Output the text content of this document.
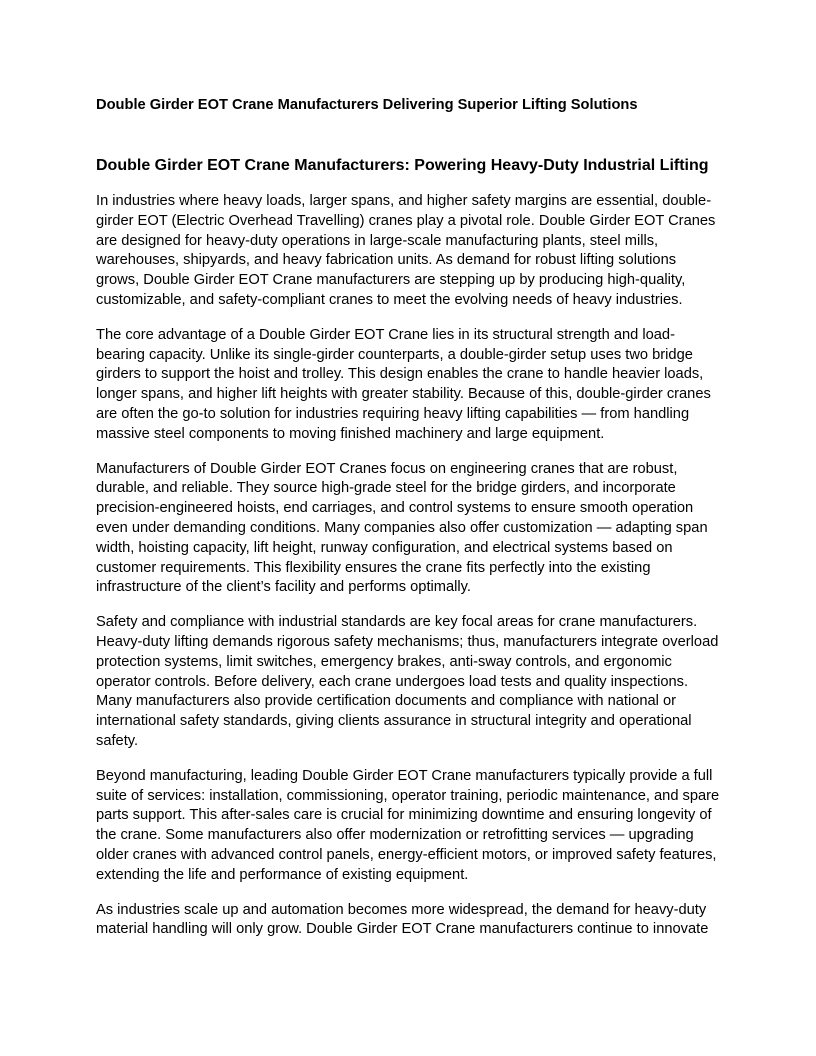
Double Girder EOT Crane Manufacturers Delivering Superior Lifting Solutions
Double Girder EOT Crane Manufacturers: Powering Heavy-Duty Industrial Lifting

In industries where heavy loads, larger spans, and higher safety margins are essential, double-girder EOT (Electric Overhead Travelling) cranes play a pivotal role. Double Girder EOT Cranes are designed for heavy-duty operations in large-scale manufacturing plants, steel mills, warehouses, shipyards, and heavy fabrication units. As demand for robust lifting solutions grows, Double Girder EOT Crane manufacturers are stepping up by producing high-quality, customizable, and safety-compliant cranes to meet the evolving needs of heavy industries.

The core advantage of a Double Girder EOT Crane lies in its structural strength and load-bearing capacity. Unlike its single-girder counterparts, a double-girder setup uses two bridge girders to support the hoist and trolley. This design enables the crane to handle heavier loads, longer spans, and higher lift heights with greater stability. Because of this, double-girder cranes are often the go-to solution for industries requiring heavy lifting capabilities — from handling massive steel components to moving finished machinery and large equipment.

Manufacturers of Double Girder EOT Cranes focus on engineering cranes that are robust, durable, and reliable. They source high-grade steel for the bridge girders, and incorporate precision-engineered hoists, end carriages, and control systems to ensure smooth operation even under demanding conditions. Many companies also offer customization — adapting span width, hoisting capacity, lift height, runway configuration, and electrical systems based on customer requirements. This flexibility ensures the crane fits perfectly into the existing infrastructure of the client’s facility and performs optimally.

Safety and compliance with industrial standards are key focal areas for crane manufacturers. Heavy-duty lifting demands rigorous safety mechanisms; thus, manufacturers integrate overload protection systems, limit switches, emergency brakes, anti-sway controls, and ergonomic operator controls. Before delivery, each crane undergoes load tests and quality inspections. Many manufacturers also provide certification documents and compliance with national or international safety standards, giving clients assurance in structural integrity and operational safety.

Beyond manufacturing, leading Double Girder EOT Crane manufacturers typically provide a full suite of services: installation, commissioning, operator training, periodic maintenance, and spare parts support. This after-sales care is crucial for minimizing downtime and ensuring longevity of the crane. Some manufacturers also offer modernization or retrofitting services — upgrading older cranes with advanced control panels, energy-efficient motors, or improved safety features, extending the life and performance of existing equipment.

As industries scale up and automation becomes more widespread, the demand for heavy-duty material handling will only grow. Double Girder EOT Crane manufacturers continue to innovate
